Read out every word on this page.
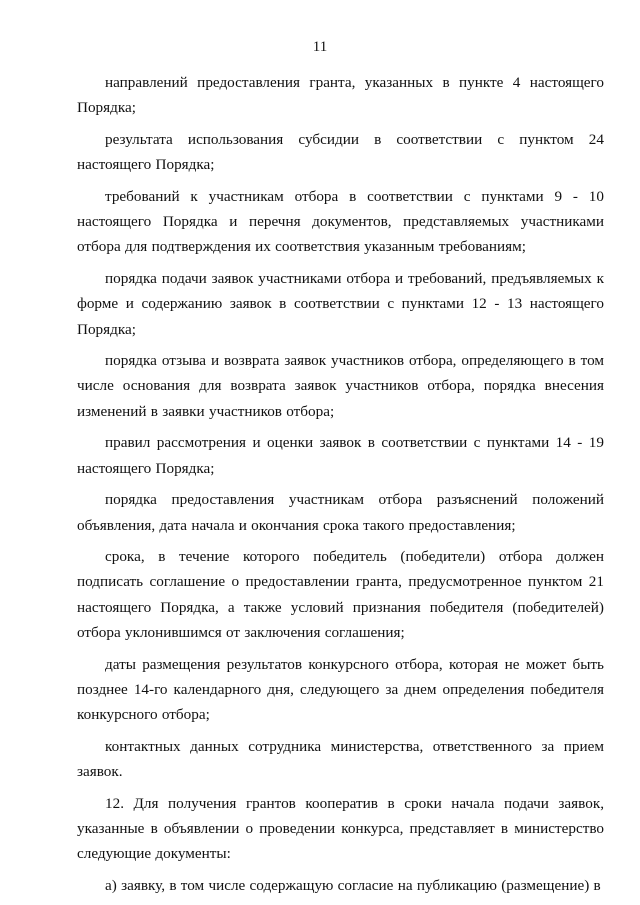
11

направлений предоставления гранта, указанных в пункте 4 настоящего Порядка;

результата использования субсидии в соответствии с пунктом 24 настоящего Порядка;

требований к участникам отбора в соответствии с пунктами 9 - 10 настоящего Порядка и перечня документов, представляемых участниками отбора для подтверждения их соответствия указанным требованиям;

порядка подачи заявок участниками отбора и требований, предъявляемых к форме и содержанию заявок в соответствии с пунктами 12 - 13 настоящего Порядка;

порядка отзыва и возврата заявок участников отбора, определяющего в том числе основания для возврата заявок участников отбора, порядка внесения изменений в заявки участников отбора;

правил рассмотрения и оценки заявок в соответствии с пунктами 14 - 19 настоящего Порядка;

порядка предоставления участникам отбора разъяснений положений объявления, дата начала и окончания срока такого предоставления;

срока, в течение которого победитель (победители) отбора должен подписать соглашение о предоставлении гранта, предусмотренное пунктом 21 настоящего Порядка, а также условий признания победителя (победителей) отбора уклонившимся от заключения соглашения;

даты размещения результатов конкурсного отбора, которая не может быть позднее 14-го календарного дня, следующего за днем определения победителя конкурсного отбора;

контактных данных сотрудника министерства, ответственного за прием заявок.

12. Для получения грантов кооператив в сроки начала подачи заявок, указанные в объявлении о проведении конкурса, представляет в министерство следующие документы:

а) заявку, в том числе содержащую согласие на публикацию (размещение) в
